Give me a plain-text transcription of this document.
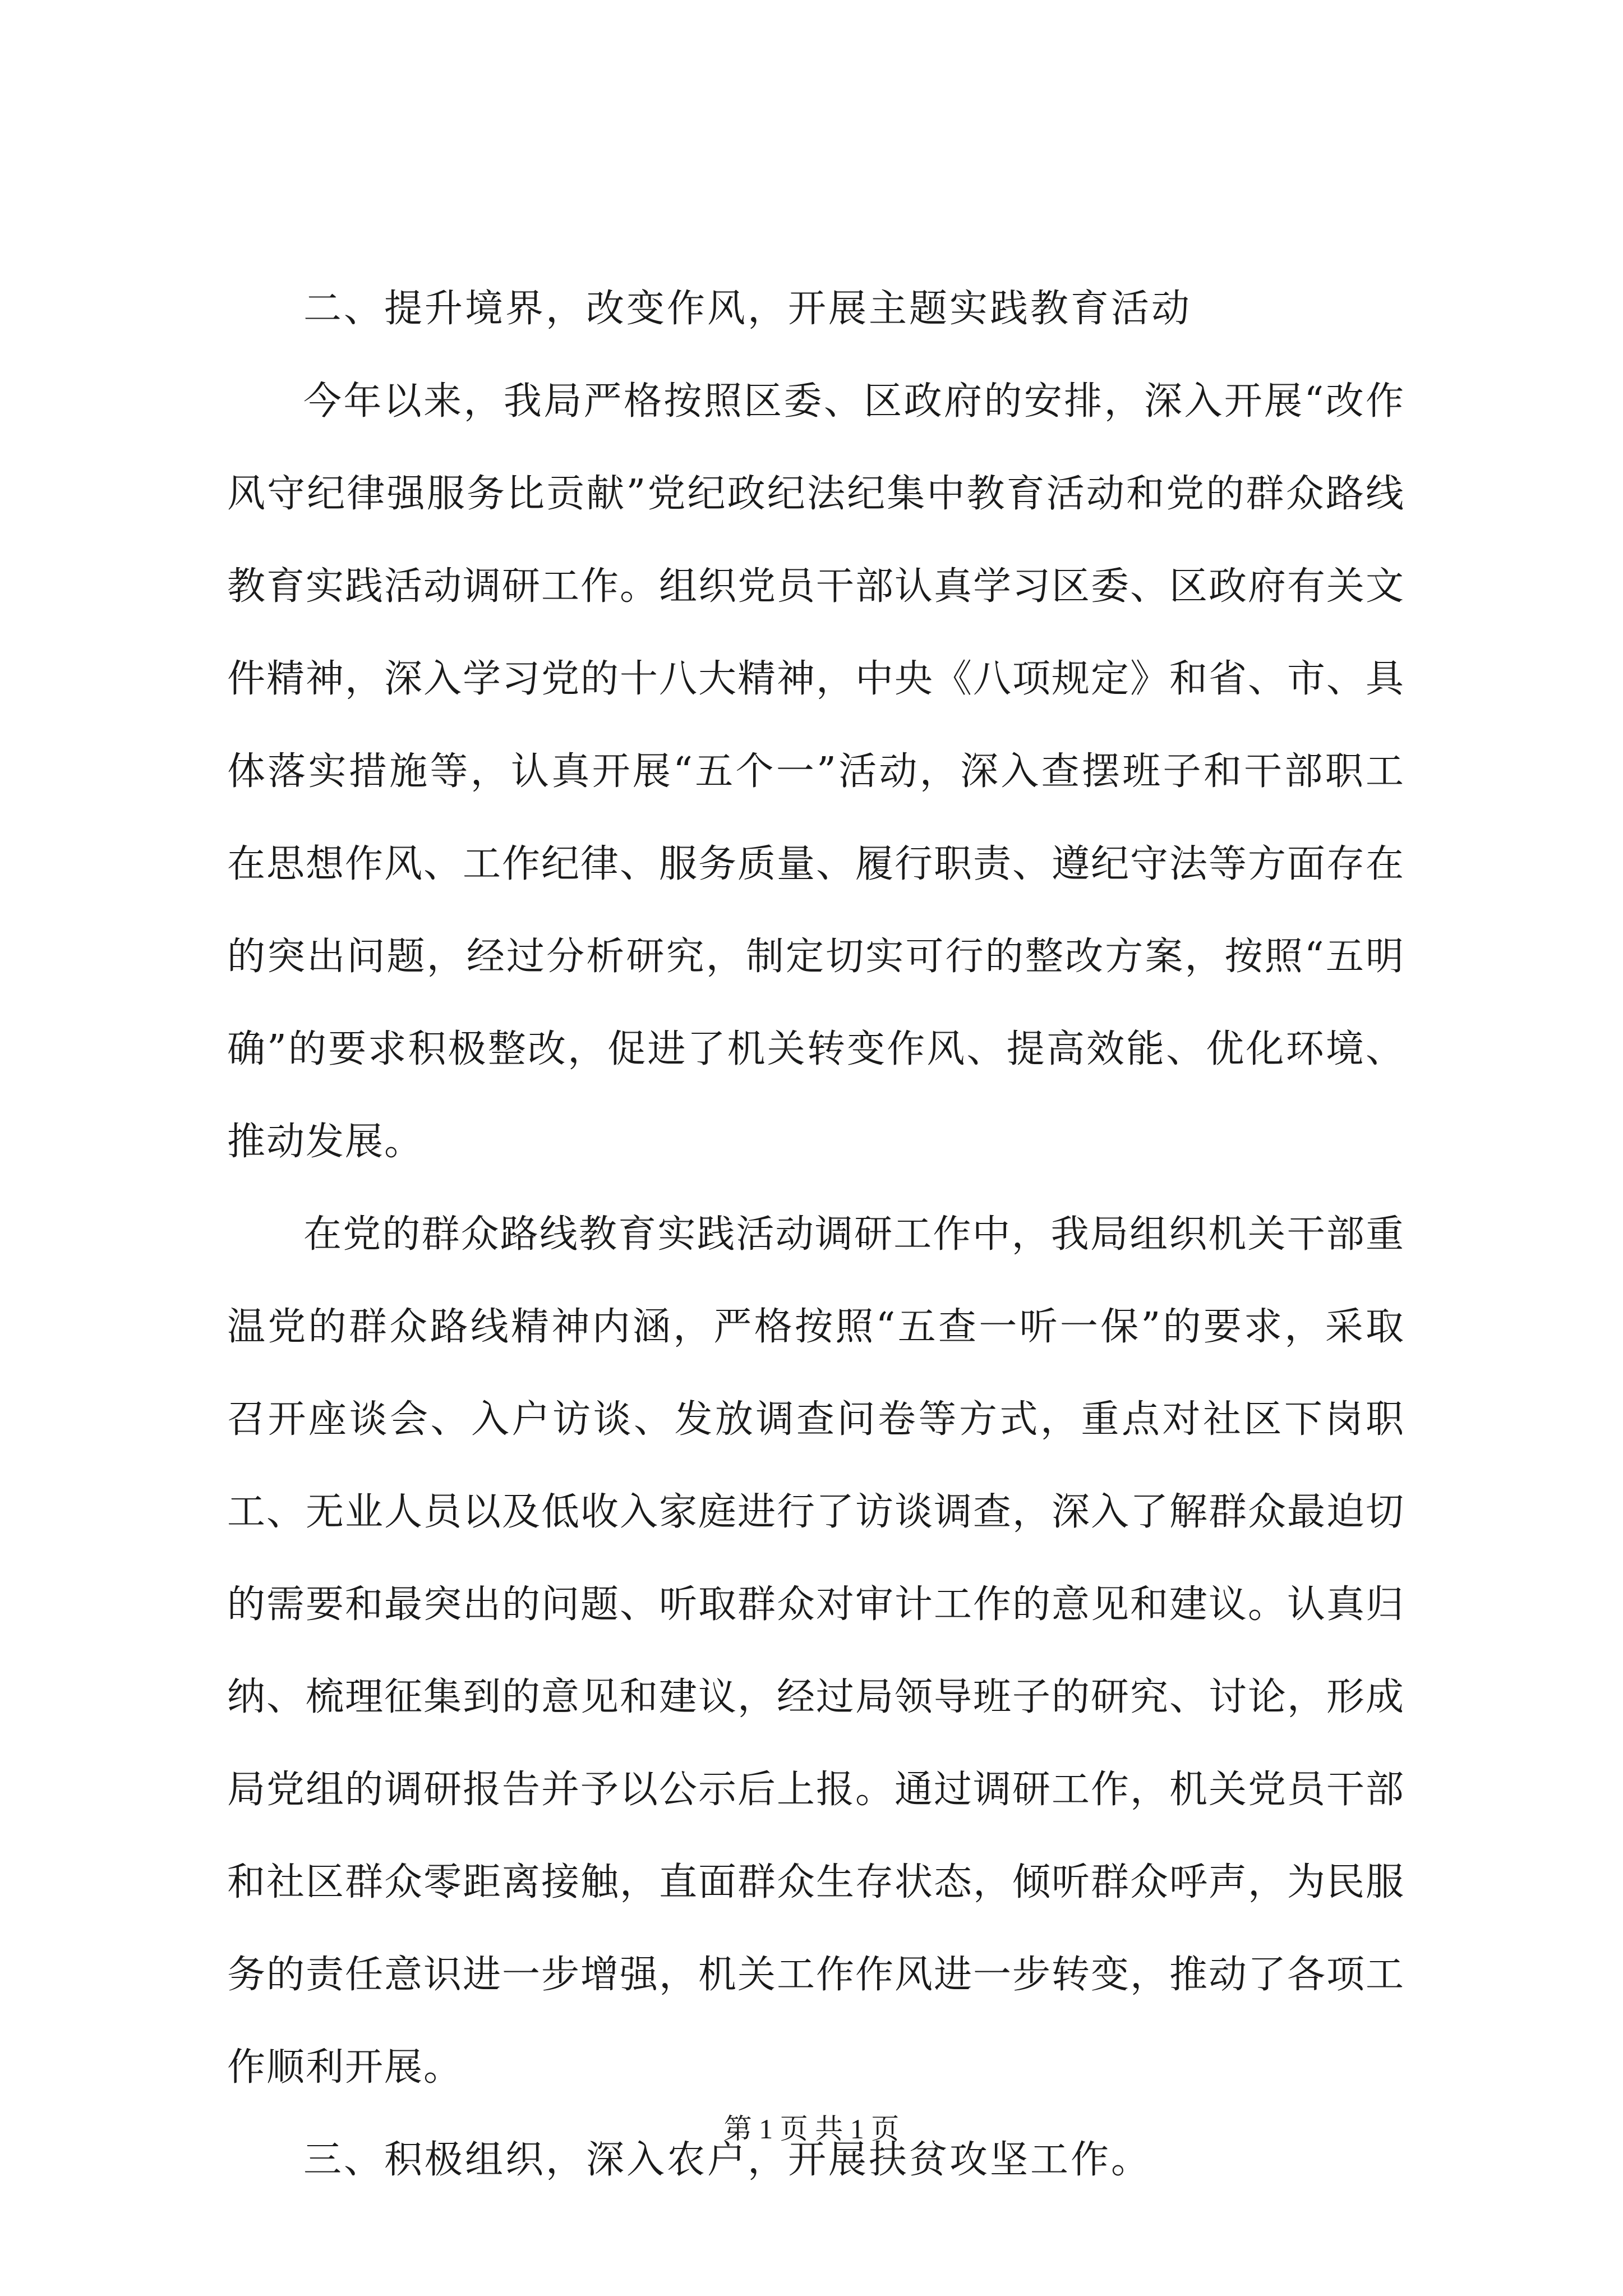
二、提升境界，改变作风，开展主题实践教育活动

今年以来，我局严格按照区委、区政府的安排，深入开展“改作风守纪律强服务比贡献”党纪政纪法纪集中教育活动和党的群众路线教育实践活动调研工作。组织党员干部认真学习区委、区政府有关文件精神，深入学习党的十八大精神，中央《八项规定》和省、市、具体落实措施等，认真开展“五个一”活动，深入查摆班子和干部职工在思想作风、工作纪律、服务质量、履行职责、遵纪守法等方面存在的突出问题，经过分析研究，制定切实可行的整改方案，按照“五明确”的要求积极整改，促进了机关转变作风、提高效能、优化环境、推动发展。

在党的群众路线教育实践活动调研工作中，我局组织机关干部重温党的群众路线精神内涵，严格按照“五查一听一保”的要求，采取召开座谈会、入户访谈、发放调查问卷等方式，重点对社区下岗职工、无业人员以及低收入家庭进行了访谈调查，深入了解群众最迫切的需要和最突出的问题、听取群众对审计工作的意见和建议。认真归纳、梳理征集到的意见和建议，经过局领导班子的研究、讨论，形成局党组的调研报告并予以公示后上报。通过调研工作，机关党员干部和社区群众零距离接触，直面群众生存状态，倾听群众呼声，为民服务的责任意识进一步增强，机关工作作风进一步转变，推动了各项工作顺利开展。

三、积极组织，深入农户，开展扶贫攻坚工作。

第 1 页 共 1 页
